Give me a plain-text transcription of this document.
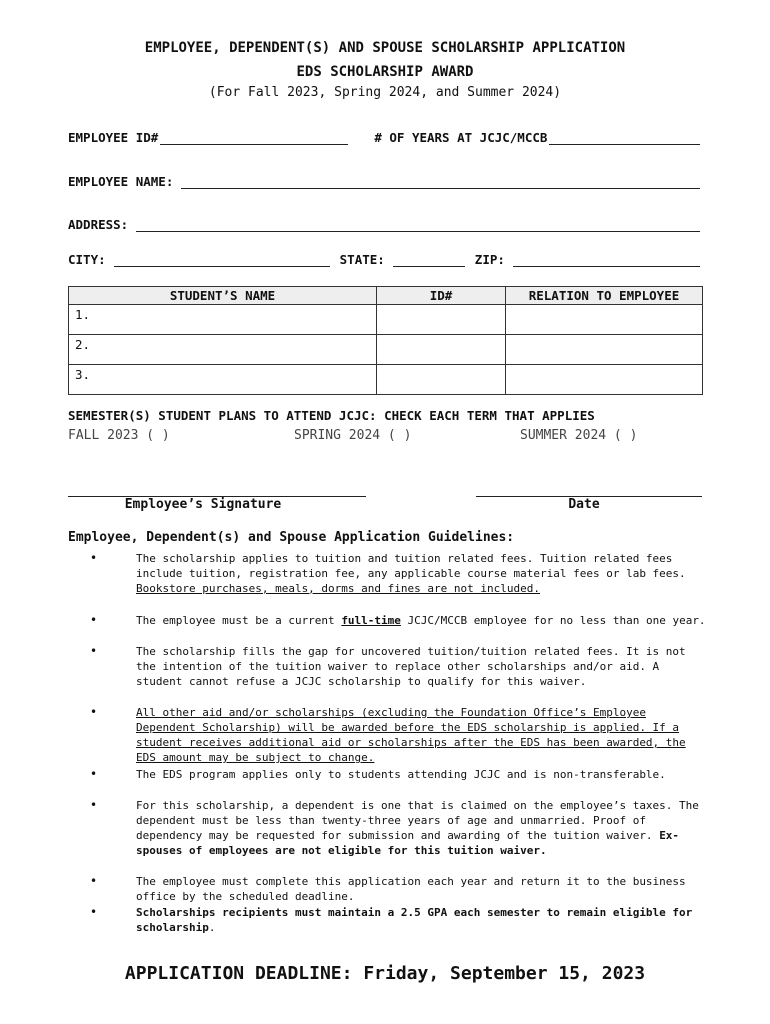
EMPLOYEE, DEPENDENT(S) AND SPOUSE SCHOLARSHIP APPLICATION
EDS SCHOLARSHIP AWARD
(For Fall 2023, Spring 2024, and Summer 2024)
EMPLOYEE ID#	# OF YEARS AT JCJC/MCCB
EMPLOYEE NAME:
ADDRESS:
CITY:	STATE:	ZIP:
STUDENT’S NAME	ID#	RELATION TO EMPLOYEE
1.		
2.		
3.		
SEMESTER(S) STUDENT PLANS TO ATTEND JCJC: CHECK EACH TERM THAT APPLIES
FALL 2023 ( )	SPRING 2024 ( )	SUMMER 2024 ( )
Employee’s Signature	Date
Employee, Dependent(s) and Spouse Application Guidelines:
• The scholarship applies to tuition and tuition related fees. Tuition related fees include tuition, registration fee, any applicable course material fees or lab fees. Bookstore purchases, meals, dorms and fines are not included.
• The employee must be a current full-time JCJC/MCCB employee for no less than one year.
• The scholarship fills the gap for uncovered tuition/tuition related fees. It is not the intention of the tuition waiver to replace other scholarships and/or aid. A student cannot refuse a JCJC scholarship to qualify for this waiver.
• All other aid and/or scholarships (excluding the Foundation Office’s Employee Dependent Scholarship) will be awarded before the EDS scholarship is applied. If a student receives additional aid or scholarships after the EDS has been awarded, the EDS amount may be subject to change.
• The EDS program applies only to students attending JCJC and is non-transferable.
• For this scholarship, a dependent is one that is claimed on the employee’s taxes. The dependent must be less than twenty-three years of age and unmarried. Proof of dependency may be requested for submission and awarding of the tuition waiver. Ex-spouses of employees are not eligible for this tuition waiver.
• The employee must complete this application each year and return it to the business office by the scheduled deadline.
• Scholarships recipients must maintain a 2.5 GPA each semester to remain eligible for scholarship.
APPLICATION DEADLINE: Friday, September 15, 2023
